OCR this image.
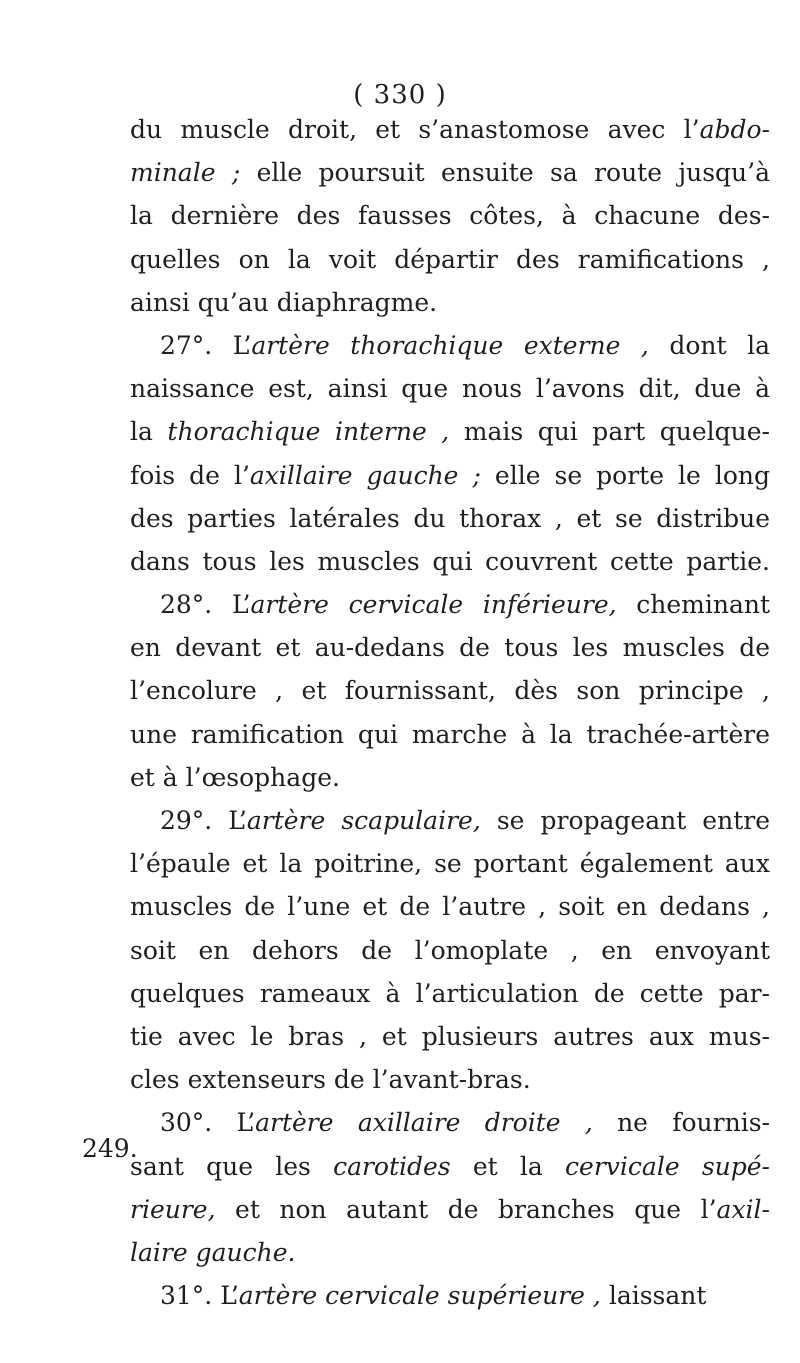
( 330 )
249.
du muscle droit, et s’anastomose avec l’abdo-
minale ; elle poursuit ensuite sa route jusqu’à
la dernière des fausses côtes, à chacune des-
quelles on la voit départir des ramifications ,
ainsi qu’au diaphragme.
27°. L’artère thorachique externe , dont la
naissance est, ainsi que nous l’avons dit, due à
la thorachique interne , mais qui part quelque-
fois de l’axillaire gauche ; elle se porte le long
des parties latérales du thorax , et se distribue
dans tous les muscles qui couvrent cette partie.
28°. L’artère cervicale inférieure, cheminant
en devant et au-dedans de tous les muscles de
l’encolure , et fournissant, dès son principe ,
une ramification qui marche à la trachée-artère
et à l’œsophage.
29°. L’artère scapulaire, se propageant entre
l’épaule et la poitrine, se portant également aux
muscles de l’une et de l’autre , soit en dedans ,
soit en dehors de l’omoplate , en envoyant
quelques rameaux à l’articulation de cette par-
tie avec le bras , et plusieurs autres aux mus-
cles extenseurs de l’avant-bras.
30°. L’artère axillaire droite , ne fournis-
sant que les carotides et la cervicale supé-
rieure, et non autant de branches que l’axil-
laire gauche.
31°. L’artère cervicale supérieure , laissant
